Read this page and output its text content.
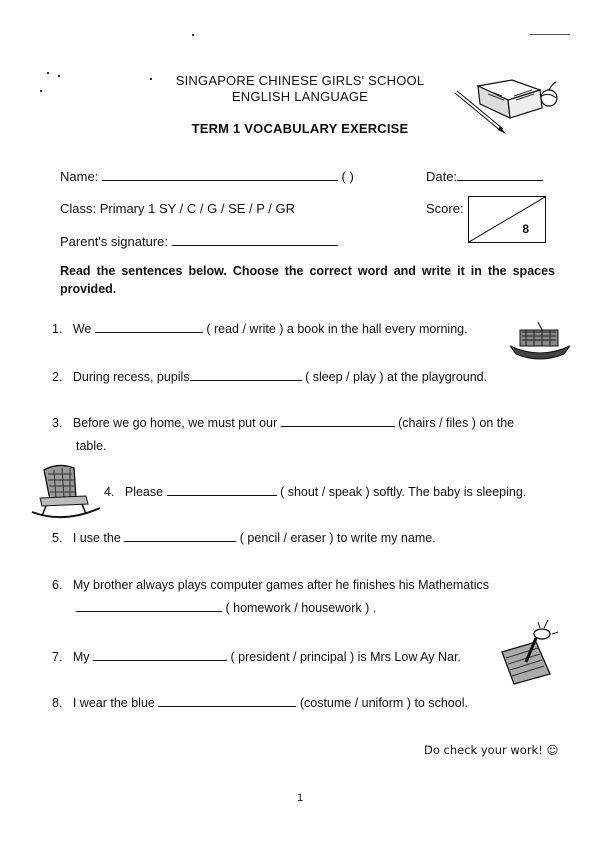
SINGAPORE CHINESE GIRLS' SCHOOL
ENGLISH LANGUAGE
TERM 1 VOCABULARY EXERCISE
Name:	( )	Date:
Class: Primary 1 SY / C / G / SE / P / GR	Score:
8
Parent's signature:
Read the sentences below. Choose the correct word and write it in the spaces provided.
1. We	( read / write ) a book in the hall every morning.
2. During recess, pupils	( sleep / play ) at the playground.
3. Before we go home, we must put our	(chairs / files ) on the
table.
4. Please	( shout / speak ) softly. The baby is sleeping.
5. I use the	( pencil / eraser ) to write my name.
6. My brother always plays computer games after he finishes his Mathematics
( homework / housework ) .
7. My	( president / principal ) is Mrs Low Ay Nar.
8. I wear the blue	(costume / uniform ) to school.
Do check your work! ☺
1
